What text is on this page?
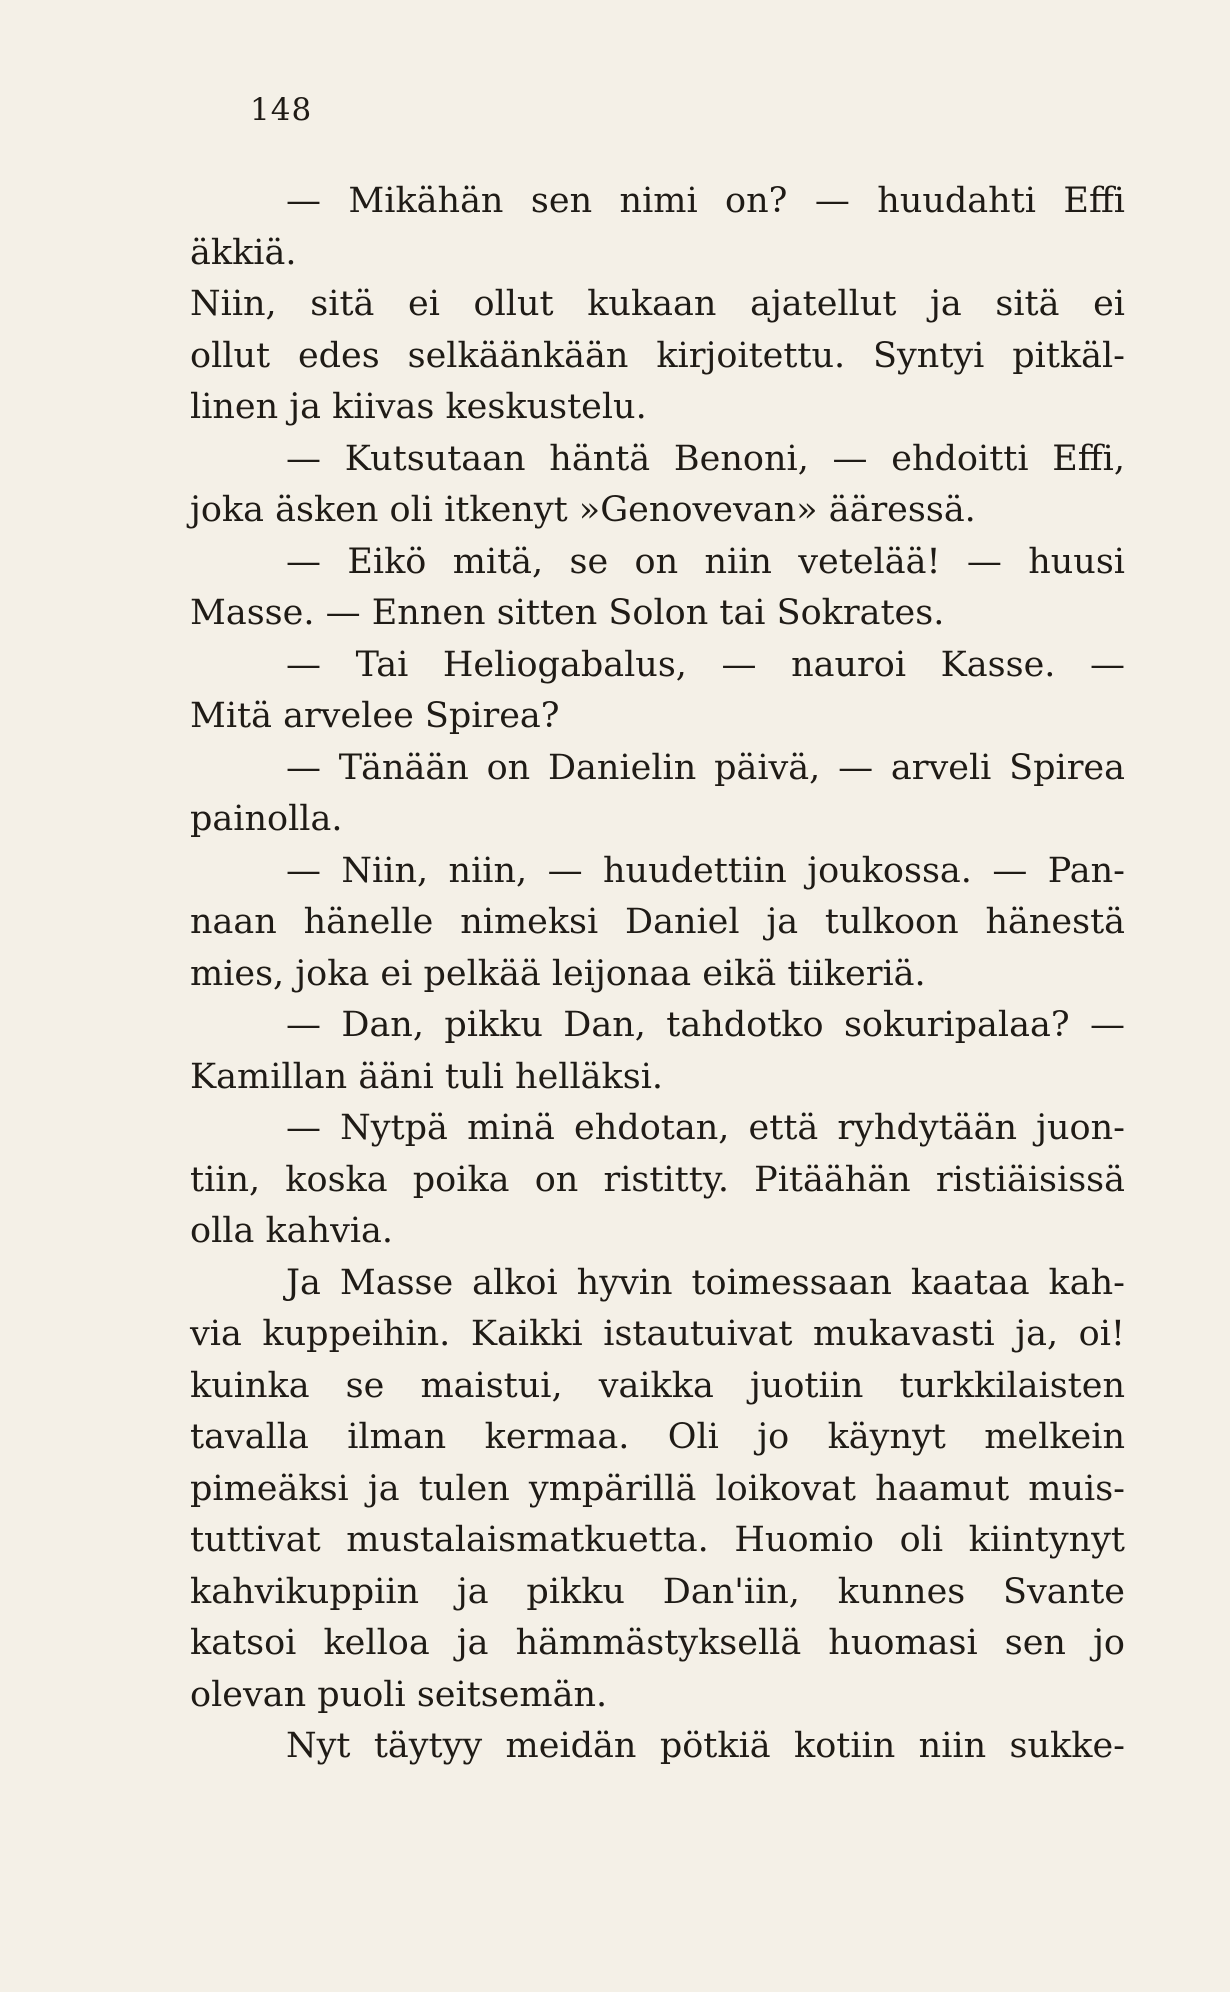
148
— Mikähän sen nimi on? — huudahti Effi
äkkiä.
Niin, sitä ei ollut kukaan ajatellut ja sitä ei
ollut edes selkäänkään kirjoitettu. Syntyi pitkäl-
linen ja kiivas keskustelu.
— Kutsutaan häntä Benoni, — ehdoitti Effi,
joka äsken oli itkenyt »Genovevan» ääressä.
— Eikö mitä, se on niin vetelää! — huusi
Masse. — Ennen sitten Solon tai Sokrates.
— Tai Heliogabalus, — nauroi Kasse. —
Mitä arvelee Spirea?
— Tänään on Danielin päivä, — arveli Spirea
painolla.
— Niin, niin, — huudettiin joukossa. — Pan-
naan hänelle nimeksi Daniel ja tulkoon hänestä
mies, joka ei pelkää leijonaa eikä tiikeriä.
— Dan, pikku Dan, tahdotko sokuripalaa? —
Kamillan ääni tuli helläksi.
— Nytpä minä ehdotan, että ryhdytään juon-
tiin, koska poika on ristitty. Pitäähän ristiäisissä
olla kahvia.
Ja Masse alkoi hyvin toimessaan kaataa kah-
via kuppeihin. Kaikki istautuivat mukavasti ja, oi!
kuinka se maistui, vaikka juotiin turkkilaisten
tavalla ilman kermaa. Oli jo käynyt melkein
pimeäksi ja tulen ympärillä loikovat haamut muis-
tuttivat mustalaismatkuetta. Huomio oli kiintynyt
kahvikuppiin ja pikku Dan'iin, kunnes Svante
katsoi kelloa ja hämmästyksellä huomasi sen jo
olevan puoli seitsemän.
Nyt täytyy meidän pötkiä kotiin niin sukke-
